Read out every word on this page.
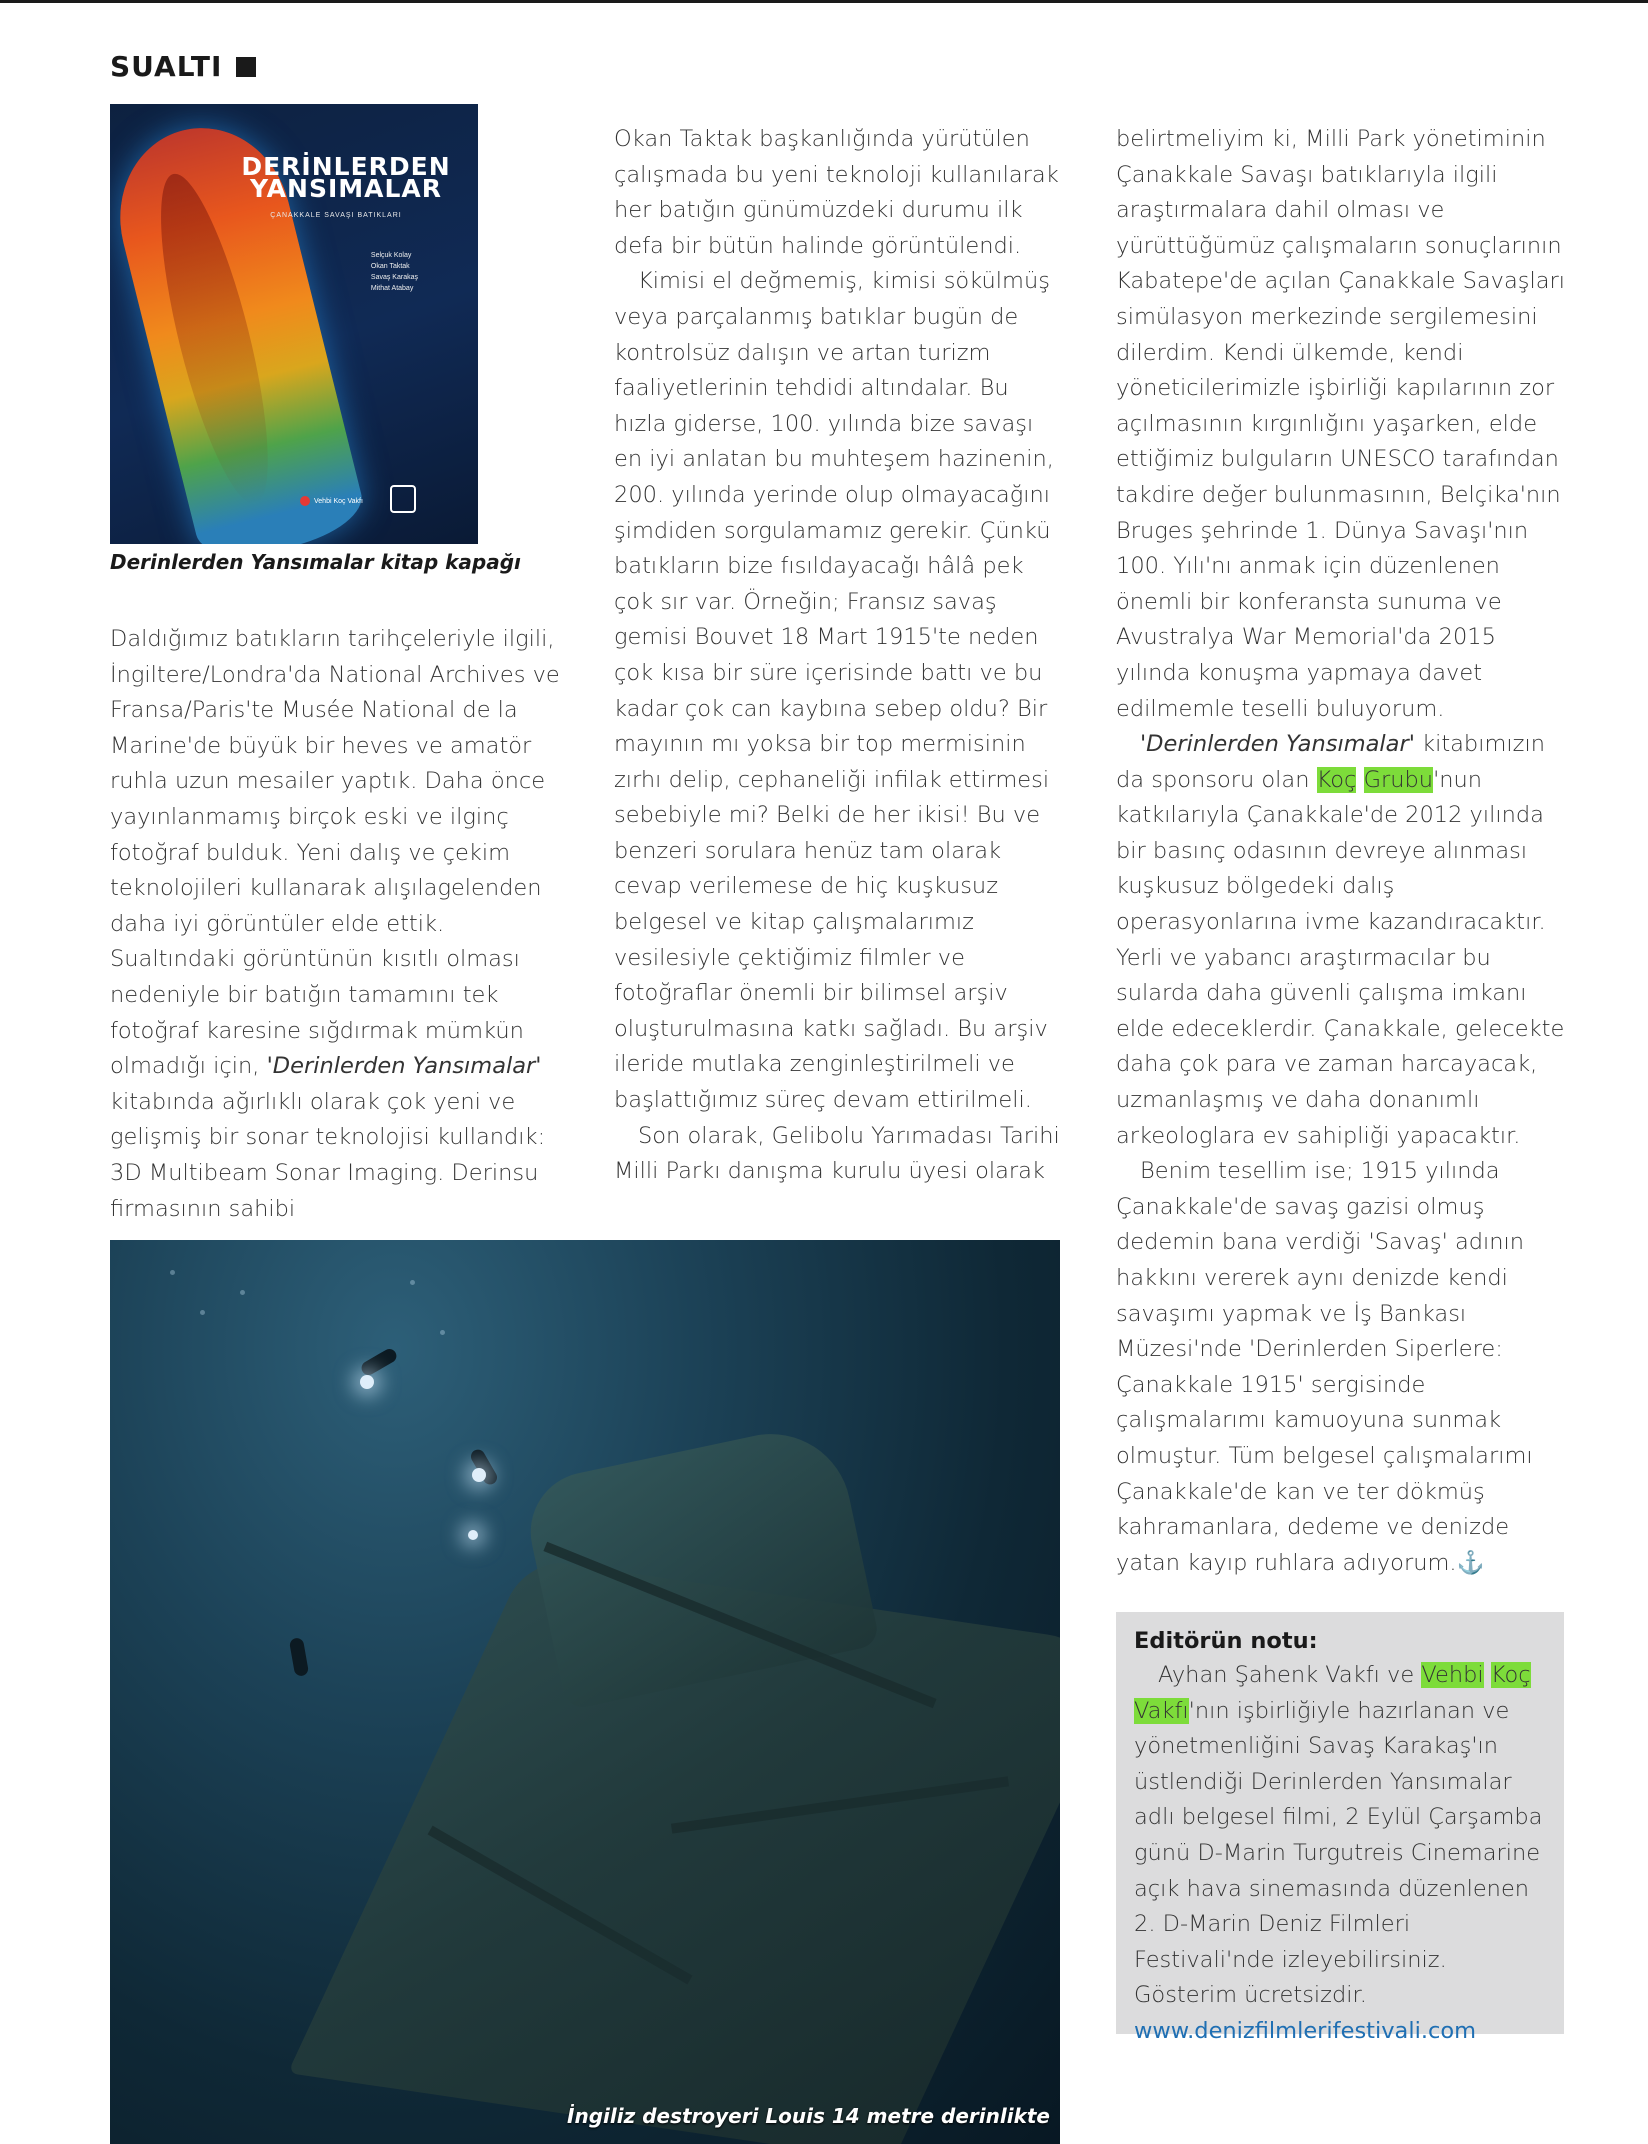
SUALTI
DERİNLERDEN
YANSIMALAR
ÇANAKKALE SAVAŞI BATIKLARI
Selçuk Kolay
Okan Taktak
Savaş Karakaş
Mithat Atabay
Vehbi Koç Vakfı
Derinlerden Yansımalar kitap kapağı

Daldığımız batıkların tarihçeleriyle ilgili, İngiltere/Londra'da National Archives ve Fransa/Paris'te Musée National de la Marine'de büyük bir heves ve amatör ruhla uzun mesailer yaptık. Daha önce yayınlanmamış birçok eski ve ilginç fotoğraf bulduk. Yeni dalış ve çekim teknolojileri kullanarak alışılagelenden daha iyi görüntüler elde ettik. Sualtındaki görüntünün kısıtlı olması nedeniyle bir batığın tamamını tek fotoğraf karesine sığdırmak mümkün olmadığı için, 'Derinlerden Yansımalar' kitabında ağırlıklı olarak çok yeni ve gelişmiş bir sonar teknolojisi kullandık: 3D Multibeam Sonar Imaging. Derinsu firmasının sahibi

Okan Taktak başkanlığında yürütülen çalışmada bu yeni teknoloji kullanılarak her batığın günümüzdeki durumu ilk defa bir bütün halinde görüntülendi.

Kimisi el değmemiş, kimisi sökülmüş veya parçalanmış batıklar bugün de kontrolsüz dalışın ve artan turizm faaliyetlerinin tehdidi altındalar. Bu hızla giderse, 100. yılında bize savaşı en iyi anlatan bu muhteşem hazinenin, 200. yılında yerinde olup olmayacağını şimdiden sorgulamamız gerekir. Çünkü batıkların bize fısıldayacağı hâlâ pek çok sır var. Örneğin; Fransız savaş gemisi Bouvet 18 Mart 1915'te neden çok kısa bir süre içerisinde battı ve bu kadar çok can kaybına sebep oldu? Bir mayının mı yoksa bir top mermisinin zırhı delip, cephaneliği infilak ettirmesi sebebiyle mi? Belki de her ikisi! Bu ve benzeri sorulara henüz tam olarak cevap verilemese de hiç kuşkusuz belgesel ve kitap çalışmalarımız vesilesiyle çektiğimiz filmler ve fotoğraflar önemli bir bilimsel arşiv oluşturulmasına katkı sağladı. Bu arşiv ileride mutlaka zenginleştirilmeli ve başlattığımız süreç devam ettirilmeli.

Son olarak, Gelibolu Yarımadası Tarihi Milli Parkı danışma kurulu üyesi olarak

belirtmeliyim ki, Milli Park yönetiminin Çanakkale Savaşı batıklarıyla ilgili araştırmalara dahil olması ve yürüttüğümüz çalışmaların sonuçlarının Kabatepe'de açılan Çanakkale Savaşları simülasyon merkezinde sergilemesini dilerdim. Kendi ülkemde, kendi yöneticilerimizle işbirliği kapılarının zor açılmasının kırgınlığını yaşarken, elde ettiğimiz bulguların UNESCO tarafından takdire değer bulunmasının, Belçika'nın Bruges şehrinde 1. Dünya Savaşı'nın 100. Yılı'nı anmak için düzenlenen önemli bir konferansta sunuma ve Avustralya War Memorial'da 2015 yılında konuşma yapmaya davet edilmemle teselli buluyorum.

'Derinlerden Yansımalar' kitabımızın da sponsoru olan Koç Grubu'nun katkılarıyla Çanakkale'de 2012 yılında bir basınç odasının devreye alınması kuşkusuz bölgedeki dalış operasyonlarına ivme kazandıracaktır. Yerli ve yabancı araştırmacılar bu sularda daha güvenli çalışma imkanı elde edeceklerdir. Çanakkale, gelecekte daha çok para ve zaman harcayacak, uzmanlaşmış ve daha donanımlı arkeologlara ev sahipliği yapacaktır.

Benim tesellim ise; 1915 yılında Çanakkale'de savaş gazisi olmuş dedemin bana verdiği 'Savaş' adının hakkını vererek aynı denizde kendi savaşımı yapmak ve İş Bankası Müzesi'nde 'Derinlerden Siperlere: Çanakkale 1915' sergisinde çalışmalarımı kamuoyuna sunmak olmuştur. Tüm belgesel çalışmalarımı Çanakkale'de kan ve ter dökmüş kahramanlara, dedeme ve denizde yatan kayıp ruhlara adıyorum.⚓

İngiliz destroyeri Louis 14 metre derinlikte
Editörün notu:

Ayhan Şahenk Vakfı ve Vehbi Koç Vakfı'nın işbirliğiyle hazırlanan ve yönetmenliğini Savaş Karakaş'ın üstlendiği Derinlerden Yansımalar adlı belgesel filmi, 2 Eylül Çarşamba günü D-Marin Turgutreis Cinemarine açık hava sinemasında düzenlenen 2. D-Marin Deniz Filmleri Festivali'nde izleyebilirsiniz. Gösterim ücretsizdir.

www.denizfilmlerifestivali.com
